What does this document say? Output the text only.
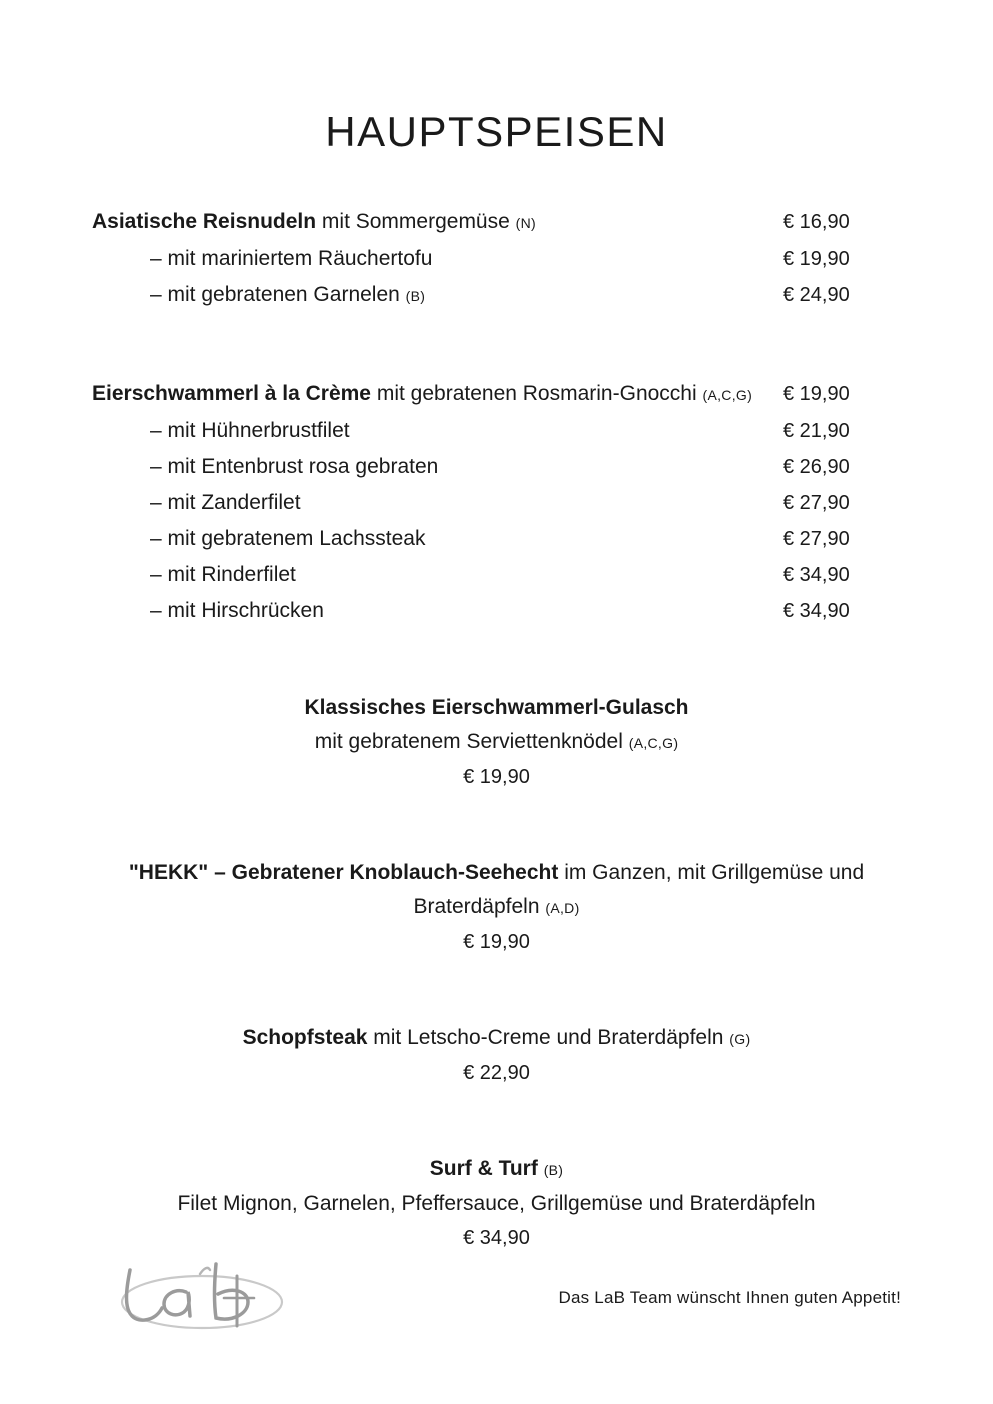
HAUPTSPEISEN
Asiatische Reisnudeln mit Sommergemüse (N)	€ 16,90
– mit mariniertem Räuchertofu	€ 19,90
– mit gebratenen Garnelen (B)	€ 24,90
Eierschwammerl à la Crème mit gebratenen Rosmarin-Gnocchi (A,C,G) € 19,90
– mit Hühnerbrustfilet	€ 21,90
– mit Entenbrust rosa gebraten	€ 26,90
– mit Zanderfilet	€ 27,90
– mit gebratenem Lachssteak	€ 27,90
– mit Rinderfilet	€ 34,90
– mit Hirschrücken	€ 34,90
Klassisches Eierschwammerl-Gulasch
mit gebratenem Serviettenknödel (A,C,G)
€ 19,90
"HEKK" – Gebratener Knoblauch-Seehecht im Ganzen, mit Grillgemüse und
Braterdäpfeln (A,D)
€ 19,90
Schopfsteak mit Letscho-Creme und Braterdäpfeln (G)
€ 22,90
Surf & Turf (B)
Filet Mignon, Garnelen, Pfeffersauce, Grillgemüse und Braterdäpfeln
€ 34,90
Das LaB Team wünscht Ihnen guten Appetit!
